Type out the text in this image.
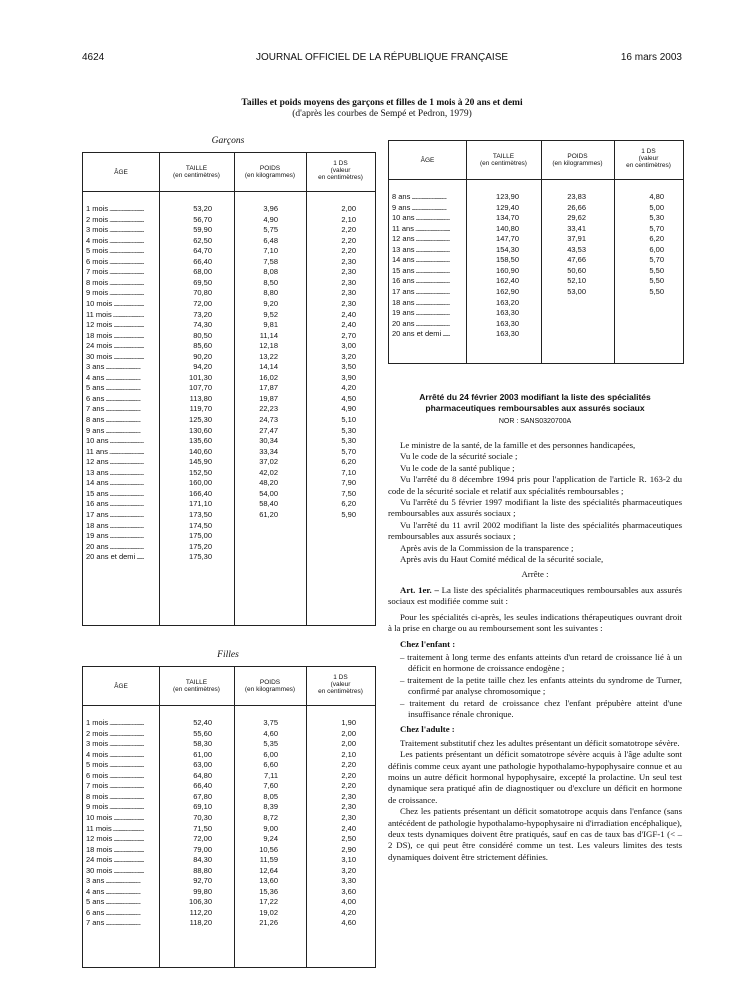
4624	JOURNAL OFFICIEL DE LA RÉPUBLIQUE FRANÇAISE	16 mars 2003
Tailles et poids moyens des garçons et filles de 1 mois à 20 ans et demi
(d'après les courbes de Sempé et Pedron, 1979)
Garçons
ÂGE
TAILLE
(en centimètres)
POIDS
(en kilogrammes)
1 DS
(valeur
en centimètres)
1 mois .....	53,20	3,96	2,00
2 mois .....	56,70	4,90	2,10
3 mois .....	59,90	5,75	2,20
4 mois .....	62,50	6,48	2,20
5 mois .....	64,70	7,10	2,20
6 mois .....	66,40	7,58	2,30
7 mois .....	68,00	8,08	2,30
8 mois .....	69,50	8,50	2,30
9 mois .....	70,80	8,80	2,30
10 mois .....	72,00	9,20	2,30
11 mois .....	73,20	9,52	2,40
12 mois .....	74,30	9,81	2,40
18 mois .....	80,50	11,14	2,70
24 mois .....	85,60	12,18	3,00
30 mois .....	90,20	13,22	3,20
3 ans .....	94,20	14,14	3,50
4 ans .....	101,30	16,02	3,90
5 ans .....	107,70	17,87	4,20
6 ans .....	113,80	19,87	4,50
7 ans .....	119,70	22,23	4,90
8 ans .....	125,30	24,73	5,10
9 ans .....	130,60	27,47	5,30
10 ans .....	135,60	30,34	5,30
11 ans .....	140,60	33,34	5,70
12 ans .....	145,90	37,02	6,20
13 ans .....	152,50	42,02	7,10
14 ans .....	160,00	48,20	7,90
15 ans .....	166,40	54,00	7,50
16 ans .....	171,10	58,40	6,20
17 ans .....	173,50	61,20	5,90
18 ans .....	174,50
19 ans .....	175,00
20 ans .....	175,20
20 ans et demi .....	175,30
Filles
ÂGE
TAILLE
(en centimètres)
POIDS
(en kilogrammes)
1 DS
(valeur
en centimètres)
1 mois .....	52,40	3,75	1,90
2 mois .....	55,60	4,60	2,00
3 mois .....	58,30	5,35	2,00
4 mois .....	61,00	6,00	2,10
5 mois .....	63,00	6,60	2,20
6 mois .....	64,80	7,11	2,20
7 mois .....	66,40	7,60	2,20
8 mois .....	67,80	8,05	2,30
9 mois .....	69,10	8,39	2,30
10 mois .....	70,30	8,72	2,30
11 mois .....	71,50	9,00	2,40
12 mois .....	72,00	9,24	2,50
18 mois .....	79,00	10,56	2,90
24 mois .....	84,30	11,59	3,10
30 mois .....	88,80	12,64	3,20
3 ans .....	92,70	13,60	3,30
4 ans .....	99,80	15,36	3,60
5 ans .....	106,30	17,22	4,00
6 ans .....	112,20	19,02	4,20
7 ans .....	118,20	21,26	4,60
ÂGE
TAILLE
(en centimètres)
POIDS
(en kilogrammes)
1 DS
(valeur
en centimètres)
8 ans .....	123,90	23,83	4,80
9 ans .....	129,40	26,66	5,00
10 ans .....	134,70	29,62	5,30
11 ans .....	140,80	33,41	5,70
12 ans .....	147,70	37,91	6,20
13 ans .....	154,30	43,53	6,00
14 ans .....	158,50	47,66	5,70
15 ans .....	160,90	50,60	5,50
16 ans .....	162,40	52,10	5,50
17 ans .....	162,90	53,00	5,50
18 ans .....	163,20
19 ans .....	163,30
20 ans .....	163,30
20 ans et demi .....	163,30
Arrêté du 24 février 2003 modifiant la liste des spécialités pharmaceutiques remboursables aux assurés sociaux
NOR : SANS0320700A

Le ministre de la santé, de la famille et des personnes handicapées,

Vu le code de la sécurité sociale ;

Vu le code de la santé publique ;

Vu l'arrêté du 8 décembre 1994 pris pour l'application de l'article R. 163-2 du code de la sécurité sociale et relatif aux spécialités remboursables ;

Vu l'arrêté du 5 février 1997 modifiant la liste des spécialités pharmaceutiques remboursables aux assurés sociaux ;

Vu l'arrêté du 11 avril 2002 modifiant la liste des spécialités pharmaceutiques remboursables aux assurés sociaux ;

Après avis de la Commission de la transparence ;

Après avis du Haut Comité médical de la sécurité sociale,

Arrête :

Art. 1er. – La liste des spécialités pharmaceutiques remboursables aux assurés sociaux est modifiée comme suit :

Pour les spécialités ci-après, les seules indications thérapeutiques ouvrant droit à la prise en charge ou au remboursement sont les suivantes :

Chez l'enfant :

– traitement à long terme des enfants atteints d'un retard de croissance lié à un déficit en hormone de croissance endogène ;
– traitement de la petite taille chez les enfants atteints du syndrome de Turner, confirmé par analyse chromosomique ;
– traitement du retard de croissance chez l'enfant prépubère atteint d'une insuffisance rénale chronique.

Chez l'adulte :

Traitement substitutif chez les adultes présentant un déficit somatotrope sévère.

Les patients présentant un déficit somatotrope sévère acquis à l'âge adulte sont définis comme ceux ayant une pathologie hypothalamo-hypophysaire connue et au moins un autre déficit hormonal hypophysaire, excepté la prolactine. Un seul test dynamique sera pratiqué afin de diagnostiquer ou d'exclure un déficit en hormone de croissance.

Chez les patients présentant un déficit somatotrope acquis dans l'enfance (sans antécédent de pathologie hypothalamo-hypophysaire ni d'irradiation encéphalique), deux tests dynamiques doivent être pratiqués, sauf en cas de taux bas d'IGF-1 (< – 2 DS), ce qui peut être considéré comme un test. Les valeurs limites des tests dynamiques doivent être strictement définies.
